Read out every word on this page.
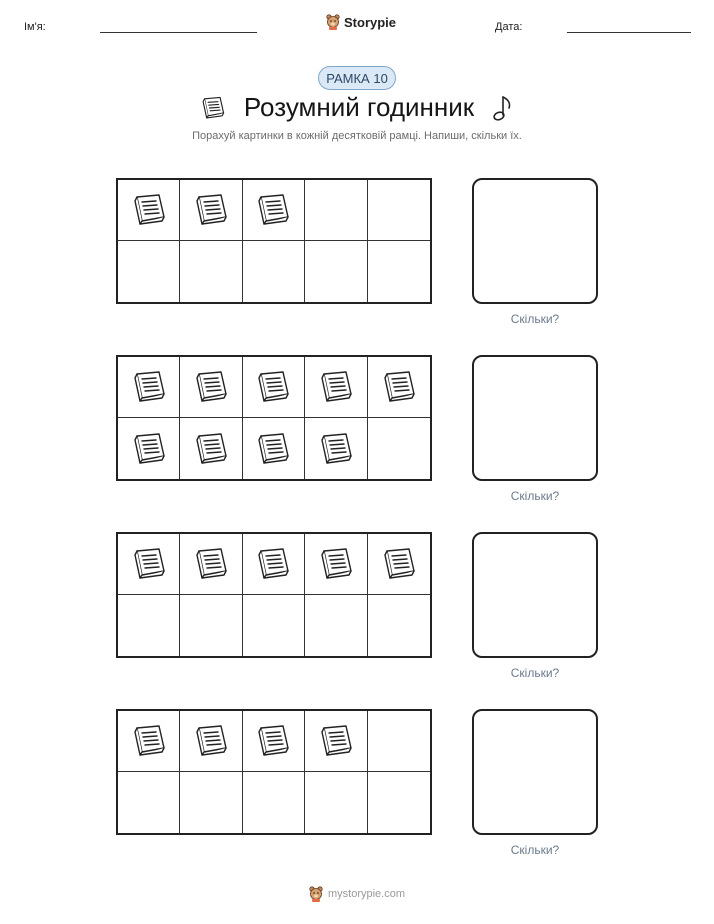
Ім'я:	Storypie	Дата:
РАМКА 10
Розумний годинник
Порахуй картинки в кожній десятковій рамці. Напиши, скільки їх.
Скільки?
Скільки?
Скільки?
Скільки?
mystorypie.com
